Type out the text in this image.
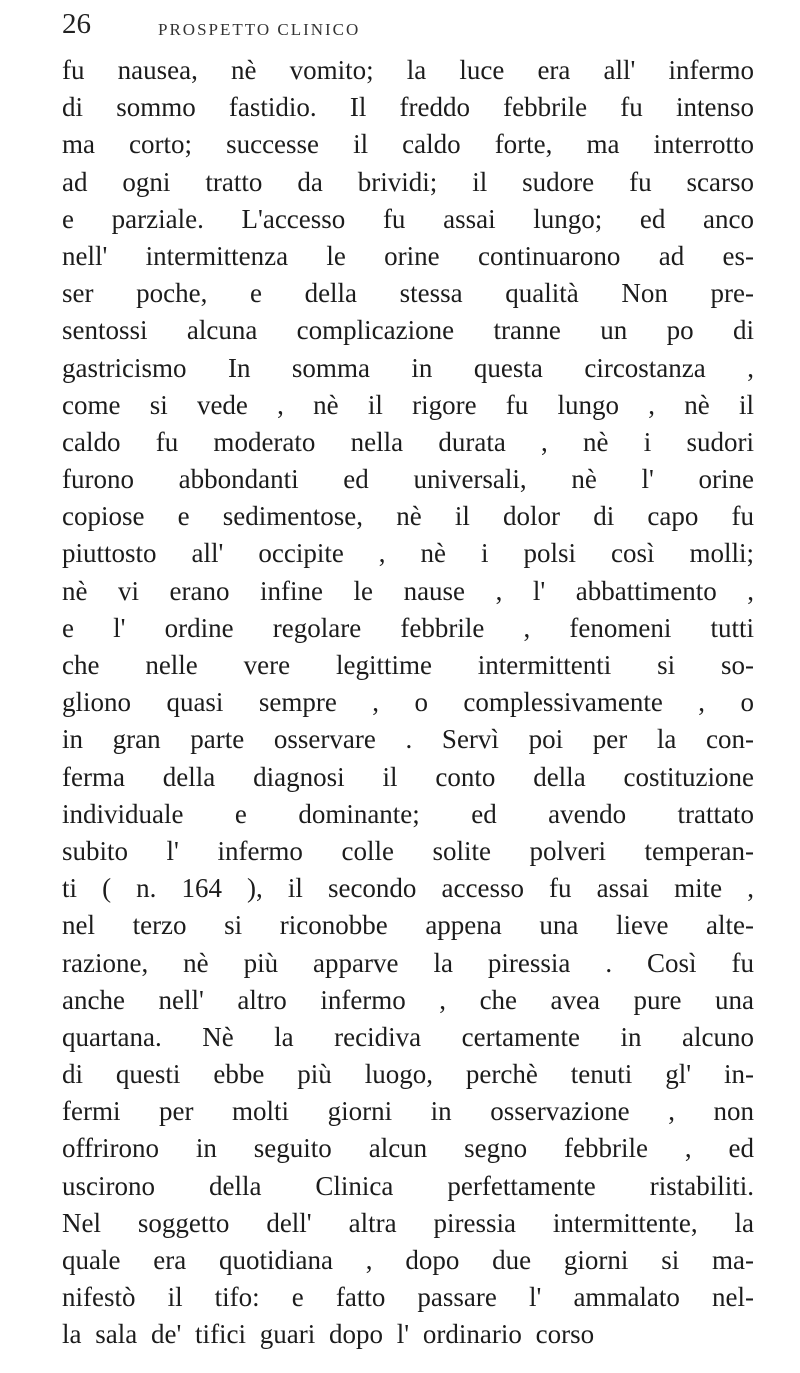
26	PROSPETTO CLINICO
fu nausea, nè vomito; la luce era all' infermo
di sommo fastidio. Il freddo febbrile fu intenso
ma corto; successe il caldo forte, ma interrotto
ad ogni tratto da brividi; il sudore fu scarso
e parziale. L'accesso fu assai lungo; ed anco
nell' intermittenza le orine continuarono ad es-
ser poche, e della stessa qualità Non pre-
sentossi alcuna complicazione tranne un po di
gastricismo In somma in questa circostanza ,
come si vede , nè il rigore fu lungo , nè il
caldo fu moderato nella durata , nè i sudori
furono abbondanti ed universali, nè l' orine
copiose e sedimentose, nè il dolor di capo fu
piuttosto all' occipite , nè i polsi così molli;
nè vi erano infine le nause , l' abbattimento ,
e l' ordine regolare febbrile , fenomeni tutti
che nelle vere legittime intermittenti si so-
gliono quasi sempre , o complessivamente , o
in gran parte osservare . Servì poi per la con-
ferma della diagnosi il conto della costituzione
individuale e dominante; ed avendo trattato
subito l' infermo colle solite polveri temperan-
ti ( n. 164 ), il secondo accesso fu assai mite ,
nel terzo si riconobbe appena una lieve alte-
razione, nè più apparve la piressia . Così fu
anche nell' altro infermo , che avea pure una
quartana. Nè la recidiva certamente in alcuno
di questi ebbe più luogo, perchè tenuti gl' in-
fermi per molti giorni in osservazione , non
offrirono in seguito alcun segno febbrile , ed
uscirono della Clinica perfettamente ristabiliti.
Nel soggetto dell' altra piressia intermittente, la
quale era quotidiana , dopo due giorni si ma-
nifestò il tifo: e fatto passare l' ammalato nel-
la sala de' tifici guari dopo l' ordinario corso
